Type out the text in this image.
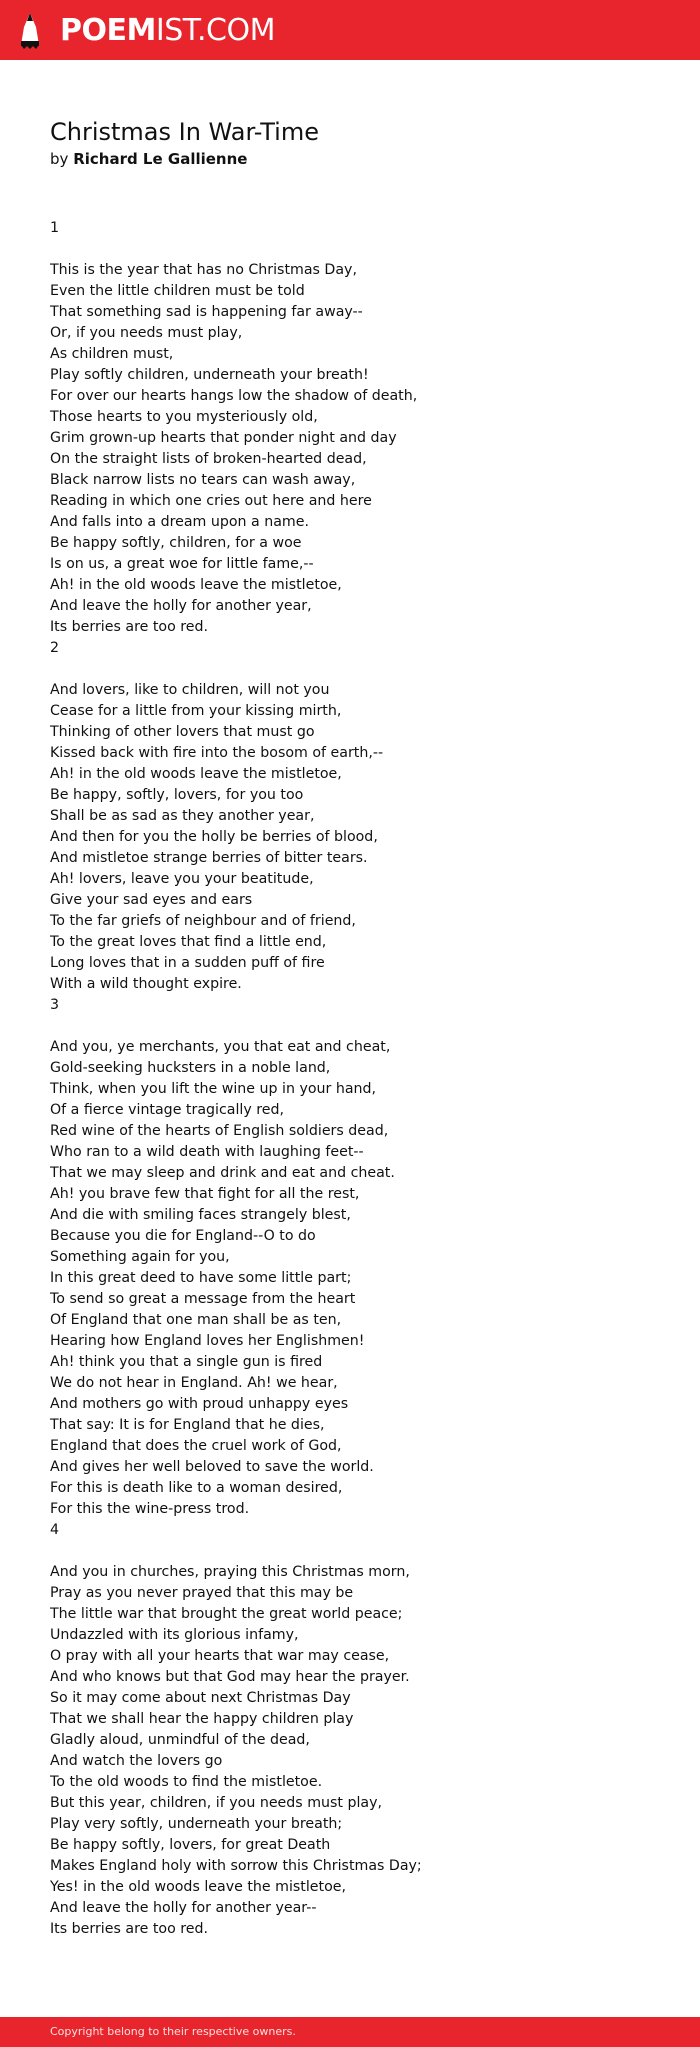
POEMIST.COM
Christmas In War-Time
by Richard Le Gallienne
1
This is the year that has no Christmas Day,
Even the little children must be told
That something sad is happening far away--
Or, if you needs must play,
As children must,
Play softly children, underneath your breath!
For over our hearts hangs low the shadow of death,
Those hearts to you mysteriously old,
Grim grown-up hearts that ponder night and day
On the straight lists of broken-hearted dead,
Black narrow lists no tears can wash away,
Reading in which one cries out here and here
And falls into a dream upon a name.
Be happy softly, children, for a woe
Is on us, a great woe for little fame,--
Ah! in the old woods leave the mistletoe,
And leave the holly for another year,
Its berries are too red.
2
And lovers, like to children, will not you
Cease for a little from your kissing mirth,
Thinking of other lovers that must go
Kissed back with fire into the bosom of earth,--
Ah! in the old woods leave the mistletoe,
Be happy, softly, lovers, for you too
Shall be as sad as they another year,
And then for you the holly be berries of blood,
And mistletoe strange berries of bitter tears.
Ah! lovers, leave you your beatitude,
Give your sad eyes and ears
To the far griefs of neighbour and of friend,
To the great loves that find a little end,
Long loves that in a sudden puff of fire
With a wild thought expire.
3
And you, ye merchants, you that eat and cheat,
Gold-seeking hucksters in a noble land,
Think, when you lift the wine up in your hand,
Of a fierce vintage tragically red,
Red wine of the hearts of English soldiers dead,
Who ran to a wild death with laughing feet--
That we may sleep and drink and eat and cheat.
Ah! you brave few that fight for all the rest,
And die with smiling faces strangely blest,
Because you die for England--O to do
Something again for you,
In this great deed to have some little part;
To send so great a message from the heart
Of England that one man shall be as ten,
Hearing how England loves her Englishmen!
Ah! think you that a single gun is fired
We do not hear in England. Ah! we hear,
And mothers go with proud unhappy eyes
That say: It is for England that he dies,
England that does the cruel work of God,
And gives her well beloved to save the world.
For this is death like to a woman desired,
For this the wine-press trod.
4
And you in churches, praying this Christmas morn,
Pray as you never prayed that this may be
The little war that brought the great world peace;
Undazzled with its glorious infamy,
O pray with all your hearts that war may cease,
And who knows but that God may hear the prayer.
So it may come about next Christmas Day
That we shall hear the happy children play
Gladly aloud, unmindful of the dead,
And watch the lovers go
To the old woods to find the mistletoe.
But this year, children, if you needs must play,
Play very softly, underneath your breath;
Be happy softly, lovers, for great Death
Makes England holy with sorrow this Christmas Day;
Yes! in the old woods leave the mistletoe,
And leave the holly for another year--
Its berries are too red.
Copyright belong to their respective owners.
